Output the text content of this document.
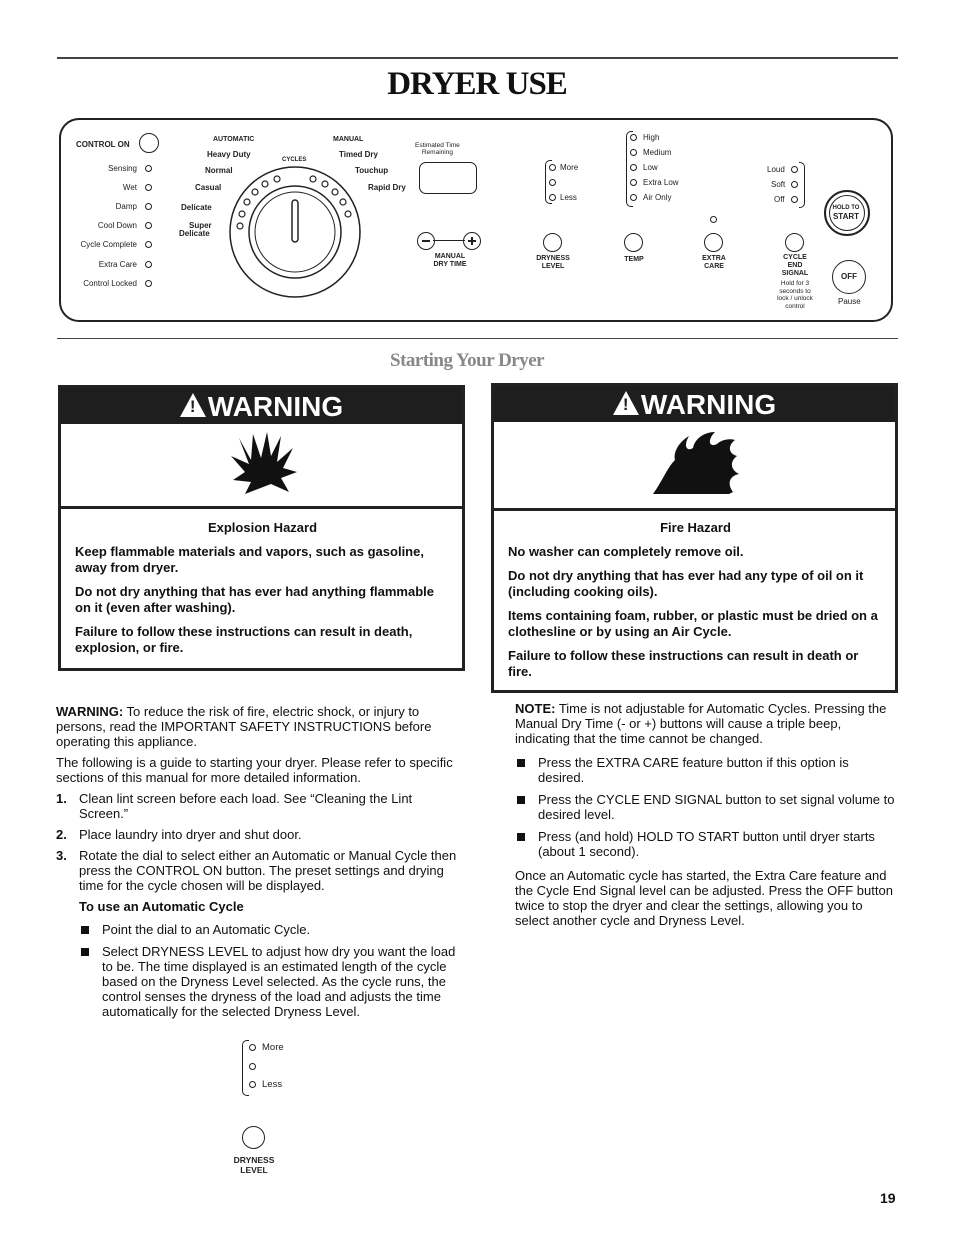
DRYER USE
CONTROL ON
Sensing
Wet
Damp
Cool Down
Cycle Complete
Extra Care
Control Locked
AUTOMATIC	MANUAL
Heavy Duty
Normal
Casual
Delicate
Super
Delicate
Timed Dry
Touchup
Rapid Dry
CYCLES
Estimated Time
Remaining
MANUAL
DRY TIME
More
Less
DRYNESS
LEVEL
High
Medium
Low
Extra Low
Air Only
TEMP	EXTRA
CARE
Loud
Soft
Off
CYCLE
END
SIGNAL
Hold for 3
seconds to
lock / unlock
control
HOLD TO
START
OFF
Pause
Starting Your Dryer
! WARNING

Explosion Hazard

Keep flammable materials and vapors, such as gasoline, away from dryer.

Do not dry anything that has ever had anything flammable on it (even after washing).

Failure to follow these instructions can result in death, explosion, or fire.

! WARNING

Fire Hazard

No washer can completely remove oil.

Do not dry anything that has ever had any type of oil on it (including cooking oils).

Items containing foam, rubber, or plastic must be dried on a clothesline or by using an Air Cycle.

Failure to follow these instructions can result in death or fire.

WARNING: To reduce the risk of fire, electric shock, or injury to persons, read the IMPORTANT SAFETY INSTRUCTIONS before operating this appliance.

The following is a guide to starting your dryer. Please refer to specific sections of this manual for more detailed information.

1. Clean lint screen before each load. See “Cleaning the Lint Screen.”
2. Place laundry into dryer and shut door.
3. Rotate the dial to select either an Automatic or Manual Cycle then press the CONTROL ON button. The preset settings and drying time for the cycle chosen will be displayed.
To use an Automatic Cycle
Point the dial to an Automatic Cycle.
Select DRYNESS LEVEL to adjust how dry you want the load to be. The time displayed is an estimated length of the cycle based on the Dryness Level selected. As the cycle runs, the control senses the dryness of the load and adjusts the time automatically for the selected Dryness Level.
More
Less
DRYNESS
LEVEL

NOTE: Time is not adjustable for Automatic Cycles. Pressing the Manual Dry Time (- or +) buttons will cause a triple beep, indicating that the time cannot be changed.

Press the EXTRA CARE feature button if this option is desired.
Press the CYCLE END SIGNAL button to set signal volume to desired level.
Press (and hold) HOLD TO START button until dryer starts (about 1 second).

Once an Automatic cycle has started, the Extra Care feature and the Cycle End Signal level can be adjusted. Press the OFF button twice to stop the dryer and clear the settings, allowing you to select another cycle and Dryness Level.

19
